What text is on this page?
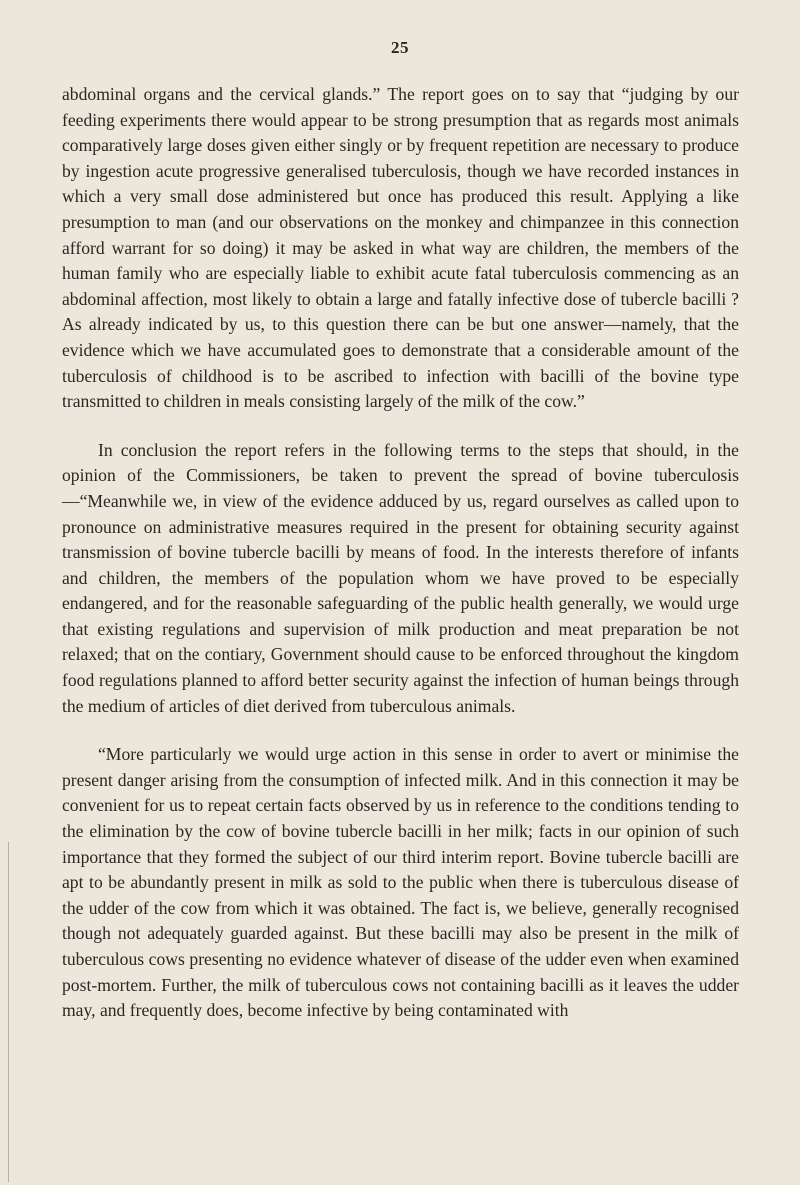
25

abdominal organs and the cervical glands.” The report goes on to say that “judging by our feeding experiments there would appear to be strong presumption that as regards most animals comparatively large doses given either singly or by frequent repetition are necessary to produce by ingestion acute progressive generalised tuberculosis, though we have recorded instances in which a very small dose administered but once has produced this result. Applying a like presumption to man (and our observations on the monkey and chimpanzee in this connection afford warrant for so doing) it may be asked in what way are children, the members of the human family who are especially liable to exhibit acute fatal tuberculosis commencing as an abdominal affection, most likely to obtain a large and fatally infective dose of tubercle bacilli ? As already indicated by us, to this question there can be but one answer—namely, that the evidence which we have accumulated goes to demonstrate that a considerable amount of the tuberculosis of childhood is to be ascribed to infection with bacilli of the bovine type transmitted to children in meals consisting largely of the milk of the cow.”

In conclusion the report refers in the following terms to the steps that should, in the opinion of the Commissioners, be taken to prevent the spread of bovine tuberculosis—“Meanwhile we, in view of the evidence adduced by us, regard ourselves as called upon to pronounce on administrative measures required in the present for obtaining security against transmission of bovine tubercle bacilli by means of food. In the interests therefore of infants and children, the members of the population whom we have proved to be especially endangered, and for the reasonable safeguarding of the public health generally, we would urge that existing regulations and supervision of milk production and meat preparation be not relaxed; that on the contiary, Government should cause to be enforced throughout the kingdom food regulations planned to afford better security against the infection of human beings through the medium of articles of diet derived from tuberculous animals.

“More particularly we would urge action in this sense in order to avert or minimise the present danger arising from the consumption of infected milk. And in this connection it may be convenient for us to repeat certain facts observed by us in reference to the conditions tending to the elimination by the cow of bovine tubercle bacilli in her milk; facts in our opinion of such importance that they formed the subject of our third interim report. Bovine tubercle bacilli are apt to be abundantly present in milk as sold to the public when there is tuberculous disease of the udder of the cow from which it was obtained. The fact is, we believe, generally recognised though not adequately guarded against. But these bacilli may also be present in the milk of tuberculous cows presenting no evidence whatever of disease of the udder even when examined post-mortem. Further, the milk of tuberculous cows not containing bacilli as it leaves the udder may, and frequently does, become infective by being contaminated with
